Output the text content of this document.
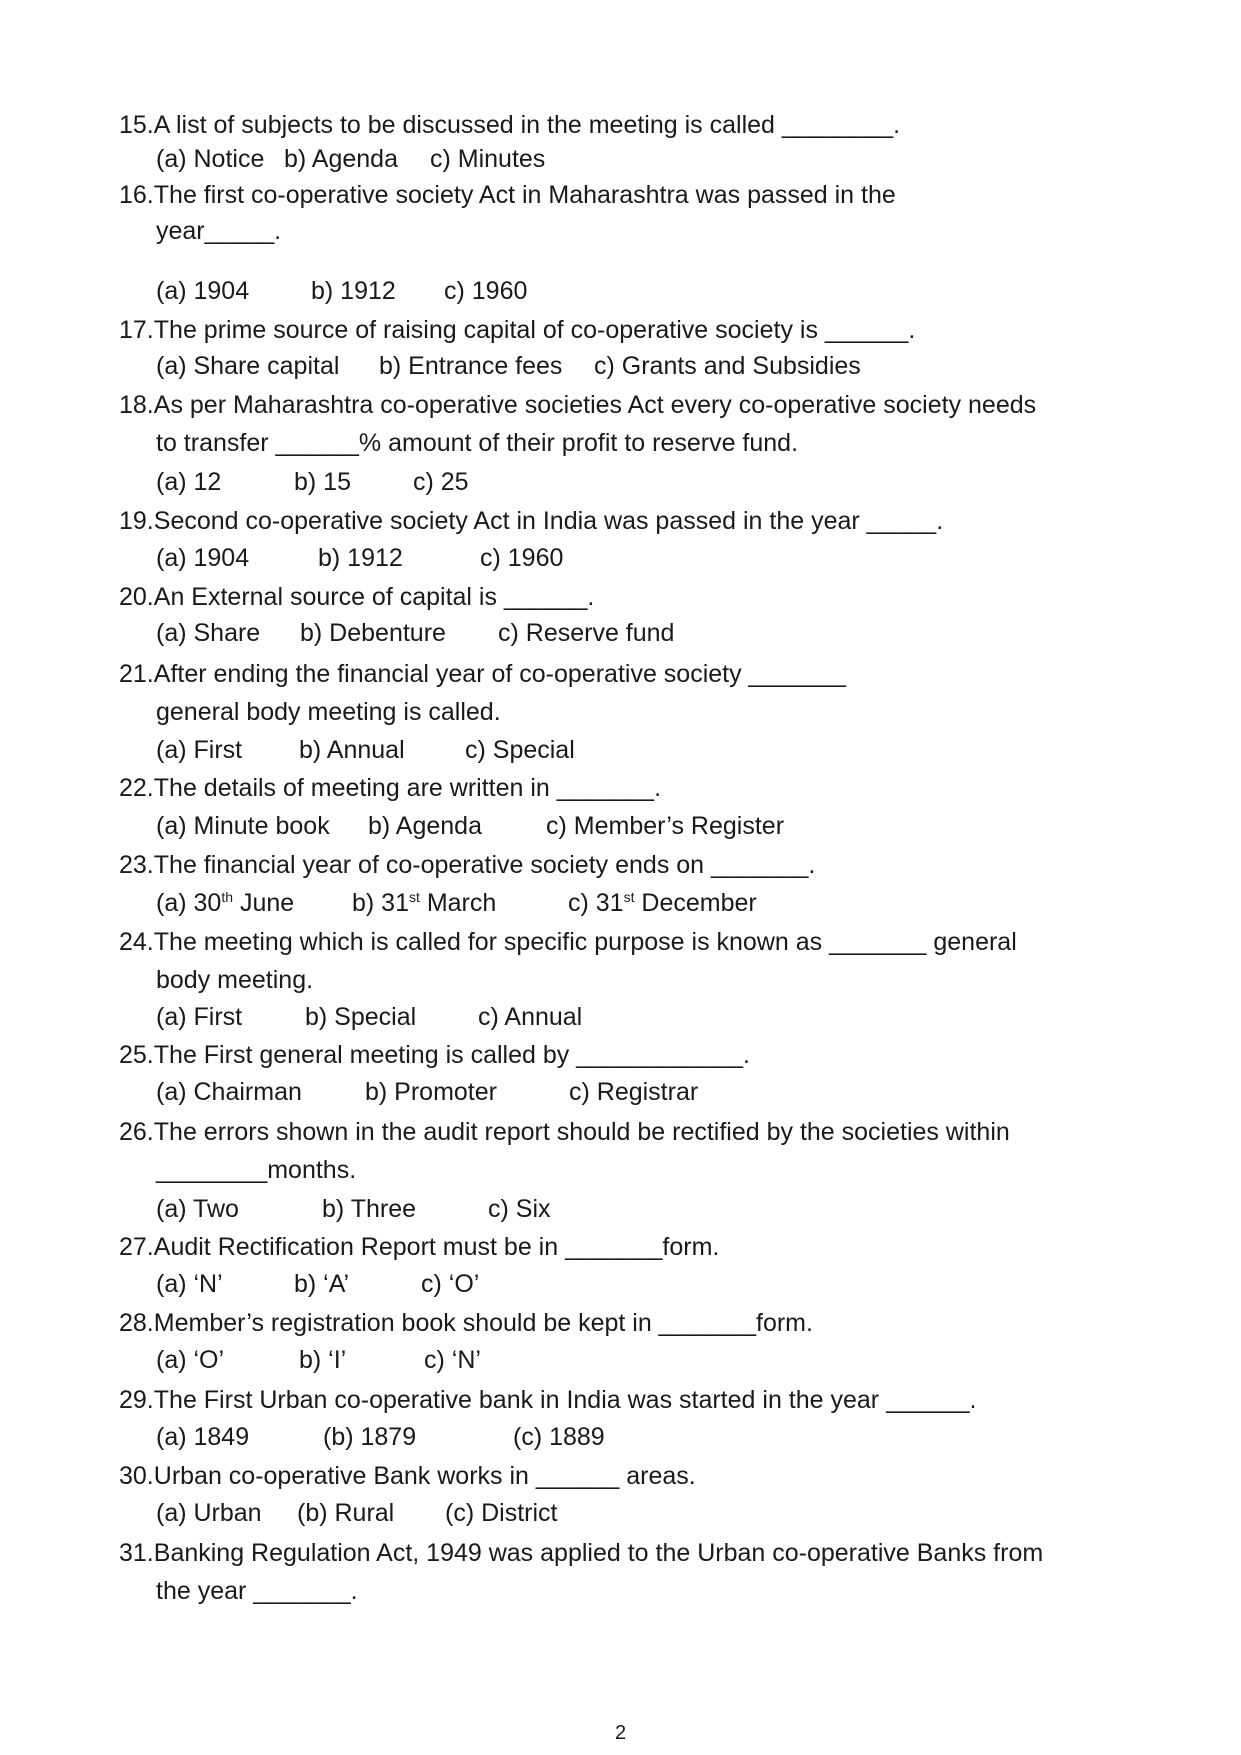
15.A list of subjects to be discussed in the meeting is called ________.
(a) Notice b) Agenda c) Minutes
16.The first co-operative society Act in Maharashtra was passed in the
year_____.
(a) 1904 b) 1912 c) 1960
17.The prime source of raising capital of co-operative society is ______.
(a) Share capital b) Entrance fees c) Grants and Subsidies
18.As per Maharashtra co-operative societies Act every co-operative society needs
to transfer ______% amount of their profit to reserve fund.
(a) 12	b) 15 c) 25
19.Second co-operative society Act in India was passed in the year _____.
(a) 1904	b) 1912	c) 1960
20.An External source of capital is ______.
(a) Share b) Debenture c) Reserve fund
21.After ending the financial year of co-operative society _______
general body meeting is called.
(a) First b) Annual c) Special
22.The details of meeting are written in _______.
(a) Minute book b) Agenda	c) Member’s Register
23.The financial year of co-operative society ends on _______.
(a) 30th June b) 31st March	c) 31st December
24.The meeting which is called for specific purpose is known as _______ general
body meeting.
(a) First	b) Special c) Annual
25.The First general meeting is called by ____________.
(a) Chairman	b) Promoter	c) Registrar
26.The errors shown in the audit report should be rectified by the societies within
________months.
(a) Two	b) Three	c) Six
27.Audit Rectification Report must be in _______form.
(a) ‘N’	b) ‘A’	c) ‘O’
28.Member’s registration book should be kept in _______form.
(a) ‘O’	b) ‘I’	c) ‘N’
29.The First Urban co-operative bank in India was started in the year ______.
(a) 1849	(b) 1879	(c) 1889
30.Urban co-operative Bank works in ______ areas.
(a) Urban (b) Rural (c) District
31.Banking Regulation Act, 1949 was applied to the Urban co-operative Banks from
the year _______.
2
